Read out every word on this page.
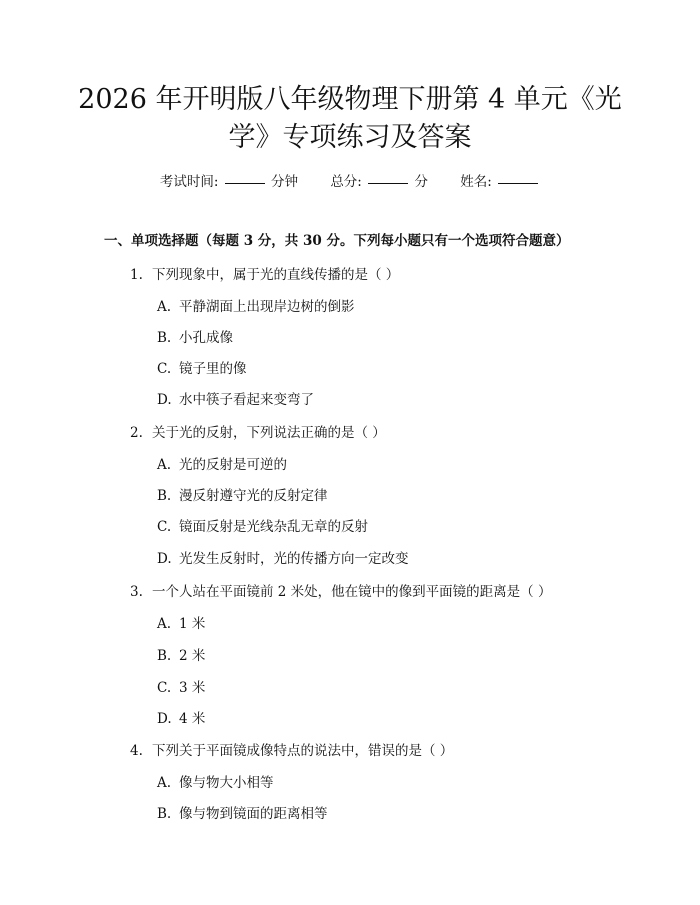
2026 年开明版八年级物理下册第 4 单元《光
学》专项练习及答案
考试时间:	分钟 总分:	分 姓名:
一、单项选择题（每题 3 分，共 30 分。下列每小题只有一个选项符合题意）
1. 下列现象中，属于光的直线传播的是（ ）
A. 平静湖面上出现岸边树的倒影
B. 小孔成像
C. 镜子里的像
D. 水中筷子看起来变弯了
2. 关于光的反射，下列说法正确的是（ ）
A. 光的反射是可逆的
B. 漫反射遵守光的反射定律
C. 镜面反射是光线杂乱无章的反射
D. 光发生反射时，光的传播方向一定改变
3. 一个人站在平面镜前 2 米处，他在镜中的像到平面镜的距离是（ ）
A. 1 米
B. 2 米
C. 3 米
D. 4 米
4. 下列关于平面镜成像特点的说法中，错误的是（ ）
A. 像与物大小相等
B. 像与物到镜面的距离相等
